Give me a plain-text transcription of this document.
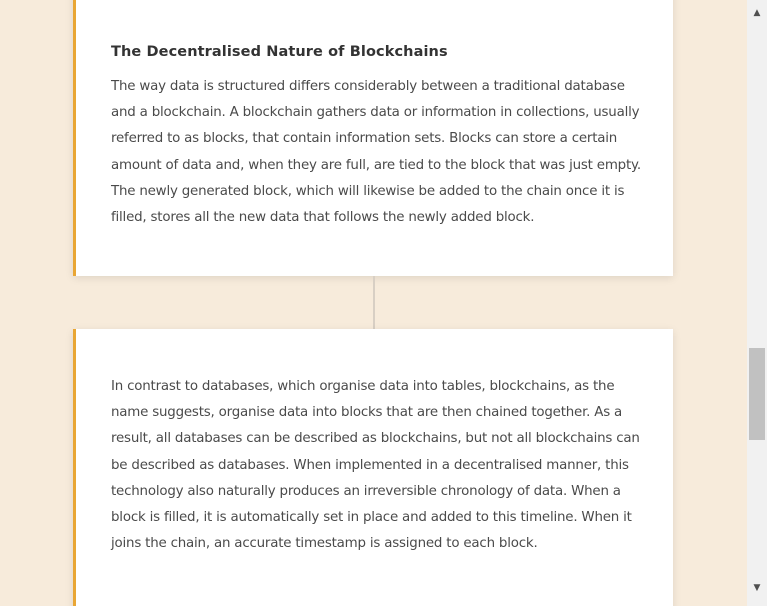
The Decentralised Nature of Blockchains

The way data is structured differs considerably between a traditional database and a blockchain. A blockchain gathers data or information in collections, usually referred to as blocks, that contain information sets. Blocks can store a certain amount of data and, when they are full, are tied to the block that was just empty. The newly generated block, which will likewise be added to the chain once it is filled, stores all the new data that follows the newly added block.

In contrast to databases, which organise data into tables, blockchains, as the name suggests, organise data into blocks that are then chained together. As a result, all databases can be described as blockchains, but not all blockchains can be described as databases. When implemented in a decentralised manner, this technology also naturally produces an irreversible chronology of data. When a block is filled, it is automatically set in place and added to this timeline. When it joins the chain, an accurate timestamp is assigned to each block.

▲
▼
